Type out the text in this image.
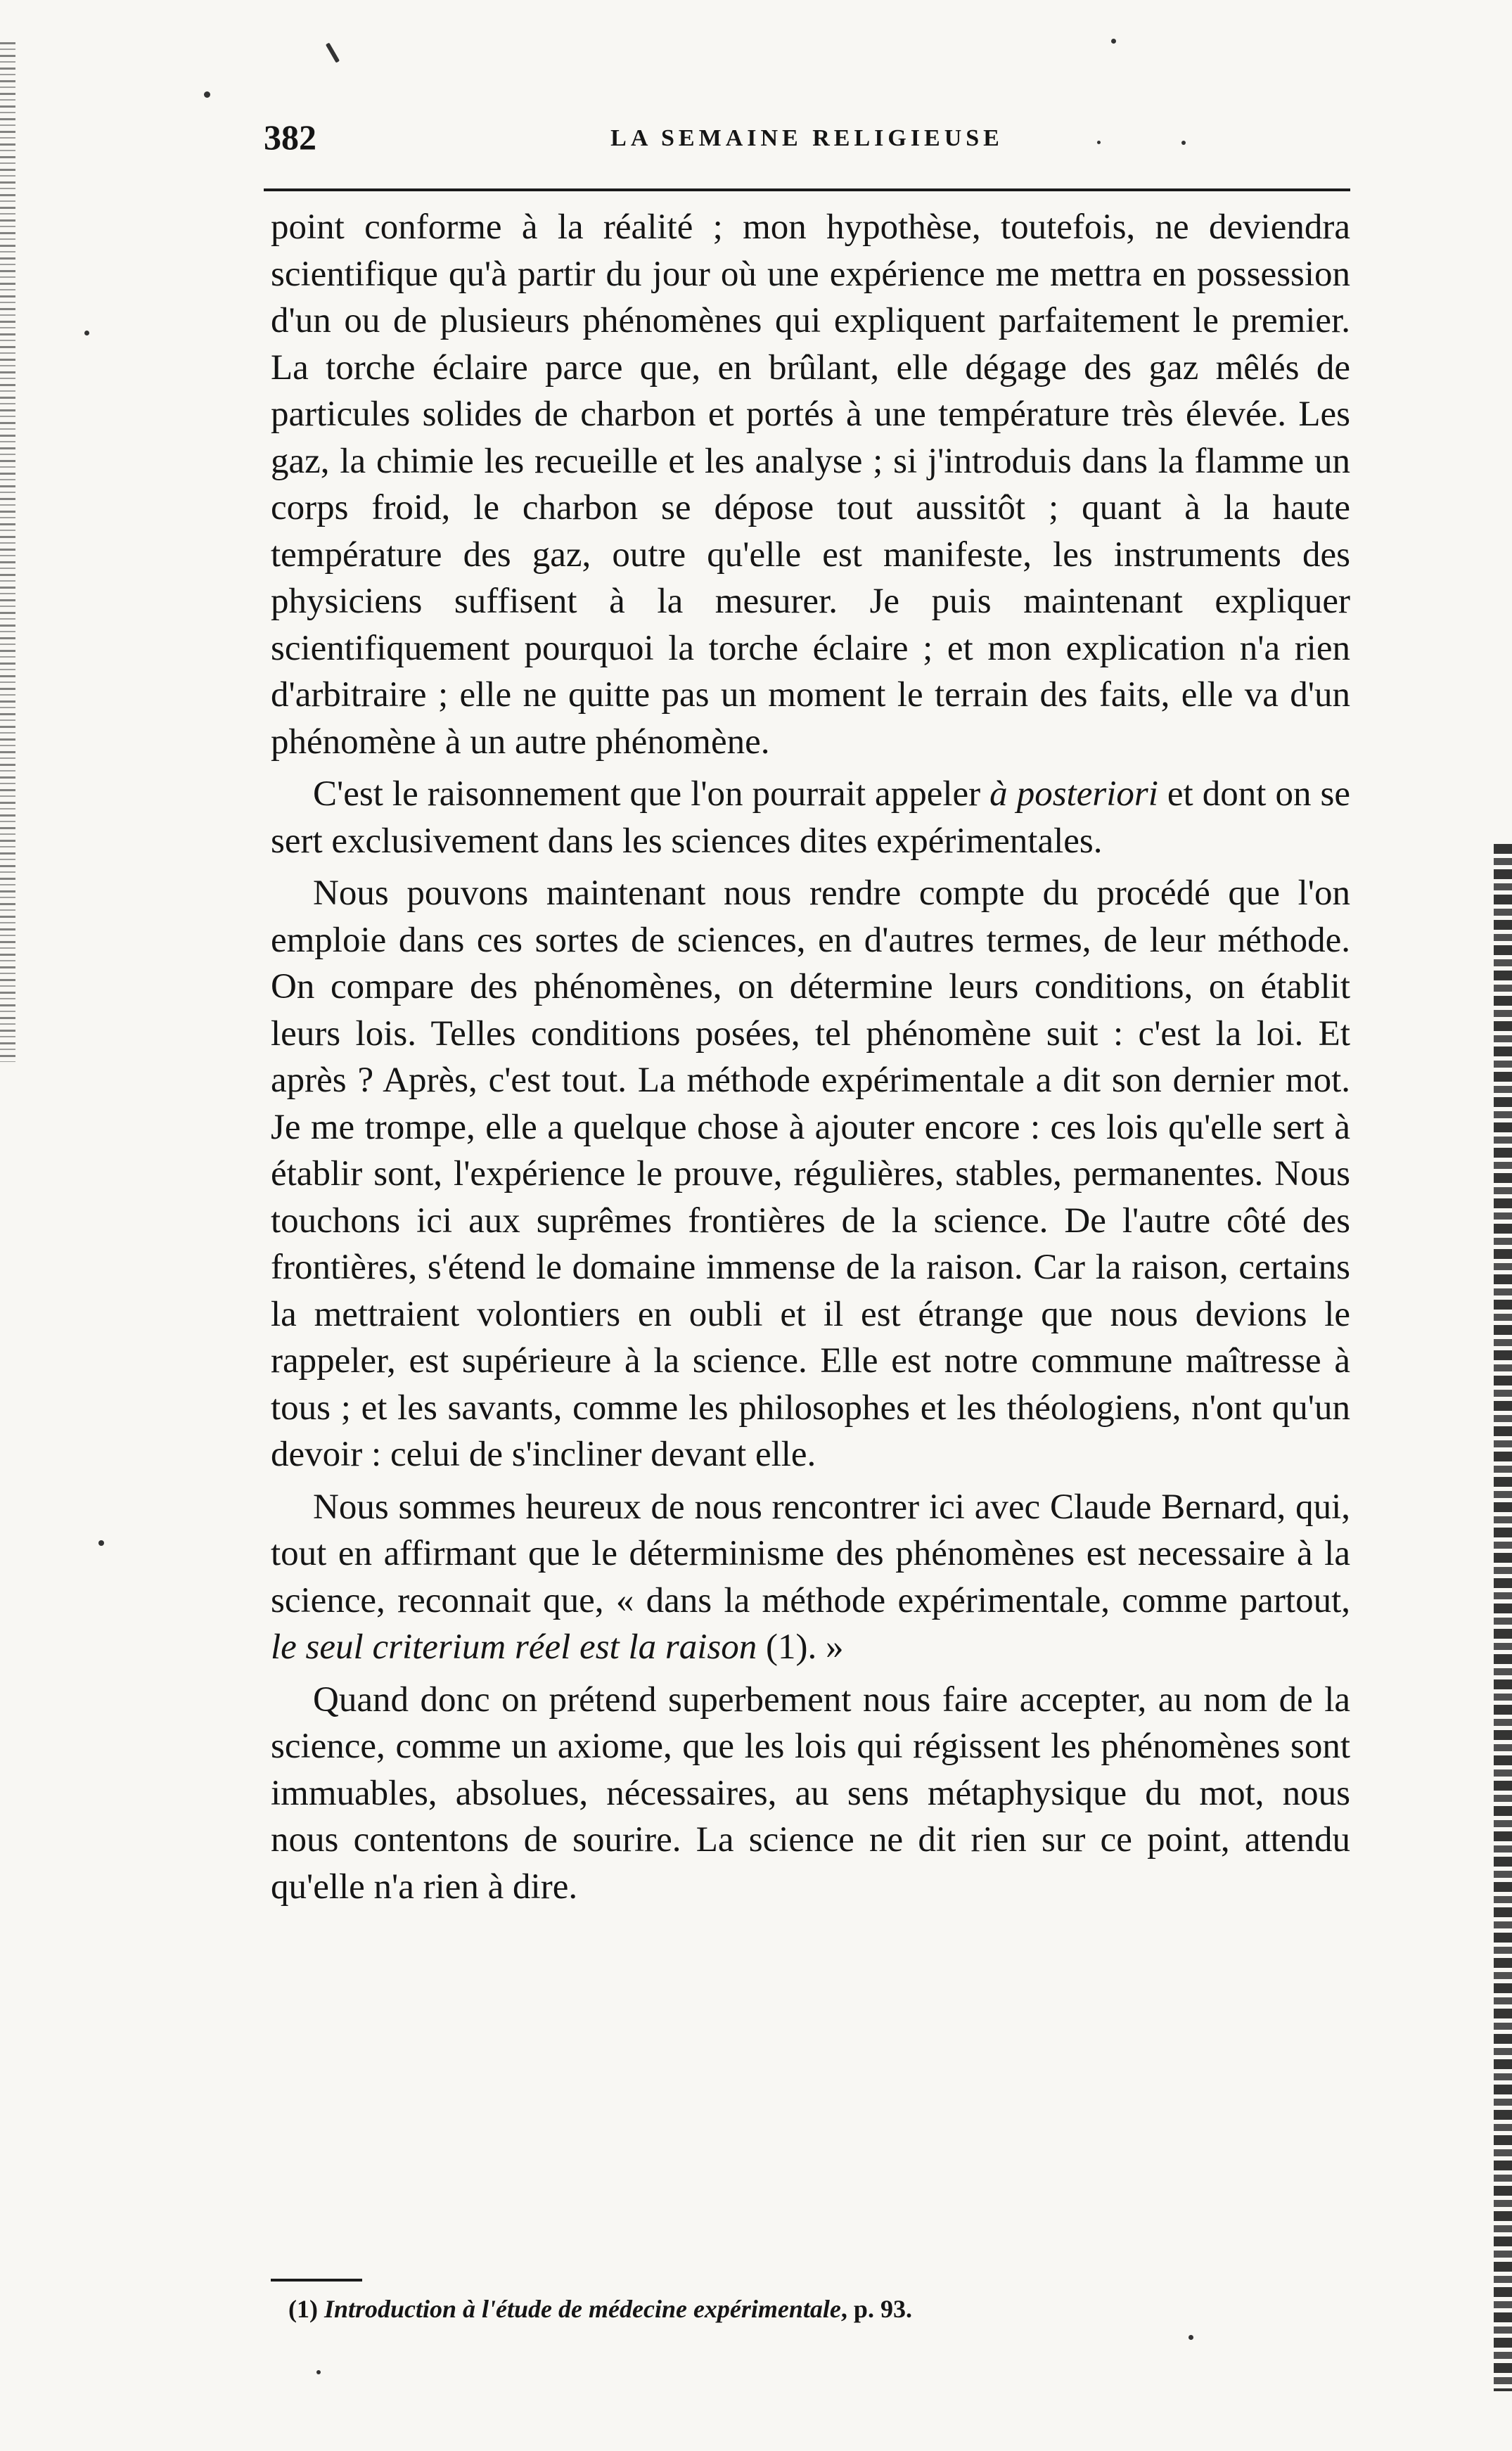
382	LA SEMAINE RELIGIEUSE

point conforme à la réalité ; mon hypothèse, toutefois, ne deviendra scientifique qu'à partir du jour où une expérience me mettra en possession d'un ou de plusieurs phénomènes qui expliquent parfaitement le premier. La torche éclaire parce que, en brûlant, elle dégage des gaz mêlés de particules solides de charbon et portés à une température très élevée. Les gaz, la chimie les recueille et les analyse ; si j'introduis dans la flamme un corps froid, le charbon se dépose tout aussitôt ; quant à la haute température des gaz, outre qu'elle est manifeste, les instruments des physiciens suffisent à la mesurer. Je puis maintenant expliquer scientifiquement pourquoi la torche éclaire ; et mon explication n'a rien d'arbitraire ; elle ne quitte pas un moment le terrain des faits, elle va d'un phénomène à un autre phénomène.

C'est le raisonnement que l'on pourrait appeler à posteriori et dont on se sert exclusivement dans les sciences dites expérimentales.

Nous pouvons maintenant nous rendre compte du procédé que l'on emploie dans ces sortes de sciences, en d'autres termes, de leur méthode. On compare des phénomènes, on détermine leurs conditions, on établit leurs lois. Telles conditions posées, tel phénomène suit : c'est la loi. Et après ? Après, c'est tout. La méthode expérimentale a dit son dernier mot. Je me trompe, elle a quelque chose à ajouter encore : ces lois qu'elle sert à établir sont, l'expérience le prouve, régulières, stables, permanentes. Nous touchons ici aux suprêmes frontières de la science. De l'autre côté des frontières, s'étend le domaine immense de la raison. Car la raison, certains la mettraient volontiers en oubli et il est étrange que nous devions le rappeler, est supérieure à la science. Elle est notre commune maîtresse à tous ; et les savants, comme les philosophes et les théologiens, n'ont qu'un devoir : celui de s'incliner devant elle.

Nous sommes heureux de nous rencontrer ici avec Claude Bernard, qui, tout en affirmant que le déterminisme des phénomènes est necessaire à la science, reconnait que, « dans la méthode expérimentale, comme partout, le seul criterium réel est la raison (1). »

Quand donc on prétend superbement nous faire accepter, au nom de la science, comme un axiome, que les lois qui régissent les phénomènes sont immuables, absolues, nécessaires, au sens métaphysique du mot, nous nous contentons de sourire. La science ne dit rien sur ce point, attendu qu'elle n'a rien à dire.

(1) Introduction à l'étude de médecine expérimentale, p. 93.
